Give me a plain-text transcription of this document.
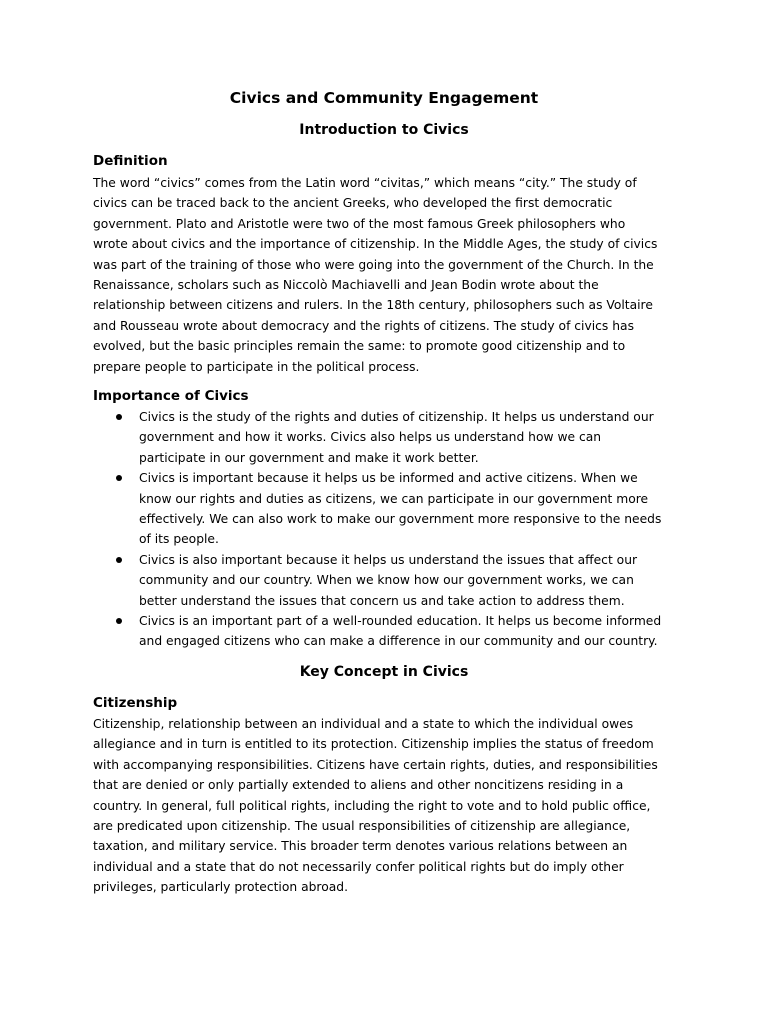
Civics and Community Engagement
Introduction to Civics
Definition
The word “civics” comes from the Latin word “civitas,” which means “city.” The study of
civics can be traced back to the ancient Greeks, who developed the first democratic
government. Plato and Aristotle were two of the most famous Greek philosophers who
wrote about civics and the importance of citizenship. In the Middle Ages, the study of civics
was part of the training of those who were going into the government of the Church. In the
Renaissance, scholars such as Niccolò Machiavelli and Jean Bodin wrote about the
relationship between citizens and rulers. In the 18th century, philosophers such as Voltaire
and Rousseau wrote about democracy and the rights of citizens. The study of civics has
evolved, but the basic principles remain the same: to promote good citizenship and to
prepare people to participate in the political process.
Importance of Civics
Civics is the study of the rights and duties of citizenship. It helps us understand our
government and how it works. Civics also helps us understand how we can
participate in our government and make it work better.
Civics is important because it helps us be informed and active citizens. When we
know our rights and duties as citizens, we can participate in our government more
effectively. We can also work to make our government more responsive to the needs
of its people.
Civics is also important because it helps us understand the issues that affect our
community and our country. When we know how our government works, we can
better understand the issues that concern us and take action to address them.
Civics is an important part of a well-rounded education. It helps us become informed
and engaged citizens who can make a difference in our community and our country.
Key Concept in Civics
Citizenship
Citizenship, relationship between an individual and a state to which the individual owes
allegiance and in turn is entitled to its protection. Citizenship implies the status of freedom
with accompanying responsibilities. Citizens have certain rights, duties, and responsibilities
that are denied or only partially extended to aliens and other noncitizens residing in a
country. In general, full political rights, including the right to vote and to hold public office,
are predicated upon citizenship. The usual responsibilities of citizenship are allegiance,
taxation, and military service. This broader term denotes various relations between an
individual and a state that do not necessarily confer political rights but do imply other
privileges, particularly protection abroad.
